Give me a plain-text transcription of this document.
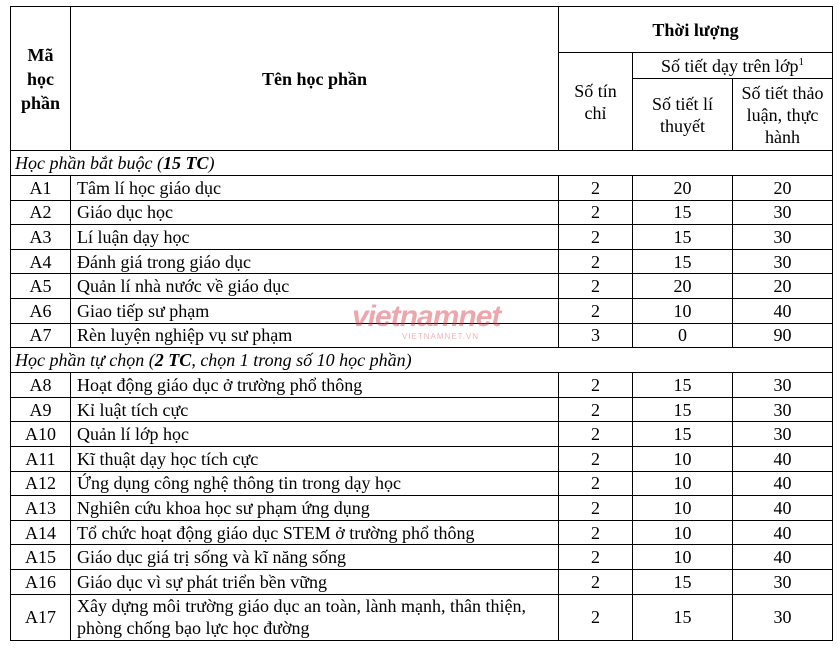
Mã học phần	Tên học phần	Thời lượng		
		Số tín chỉ	Số tiết dạy trên lớp$^1$
			Số tiết lí thuyết	Số tiết thảo luận, thực hành
Học phần bắt buộc (15 TC)				
A1	Tâm lí học giáo dục	2	20	20
A2	Giáo dục học	2	15	30
A3	Lí luận dạy học	2	15	30
A4	Đánh giá trong giáo dục	2	15	30
A5	Quản lí nhà nước về giáo dục	2	20	20
A6	Giao tiếp sư phạm	2	10	40
A7	Rèn luyện nghiệp vụ sư phạm	3	0	90
Học phần tự chọn (2 TC, chọn 1 trong số 10 học phần)				
A8	Hoạt động giáo dục ở trường phổ thông	2	15	30
A9	Kỉ luật tích cực	2	15	30
A10	Quản lí lớp học	2	15	30
A11	Kĩ thuật dạy học tích cực	2	10	40
A12	Ứng dụng công nghệ thông tin trong dạy học	2	10	40
A13	Nghiên cứu khoa học sư phạm ứng dụng	2	10	40
A14	Tổ chức hoạt động giáo dục STEM ở trường phổ thông	2	10	40
A15	Giáo dục giá trị sống và kĩ năng sống	2	10	40
A16	Giáo dục vì sự phát triển bền vững	2	15	30
A17	Xây dựng môi trường giáo dục an toàn, lành mạnh, thân thiện, phòng chống bạo lực học đường	2	15	30
vietnamnet
VIETNAMNET.VN
